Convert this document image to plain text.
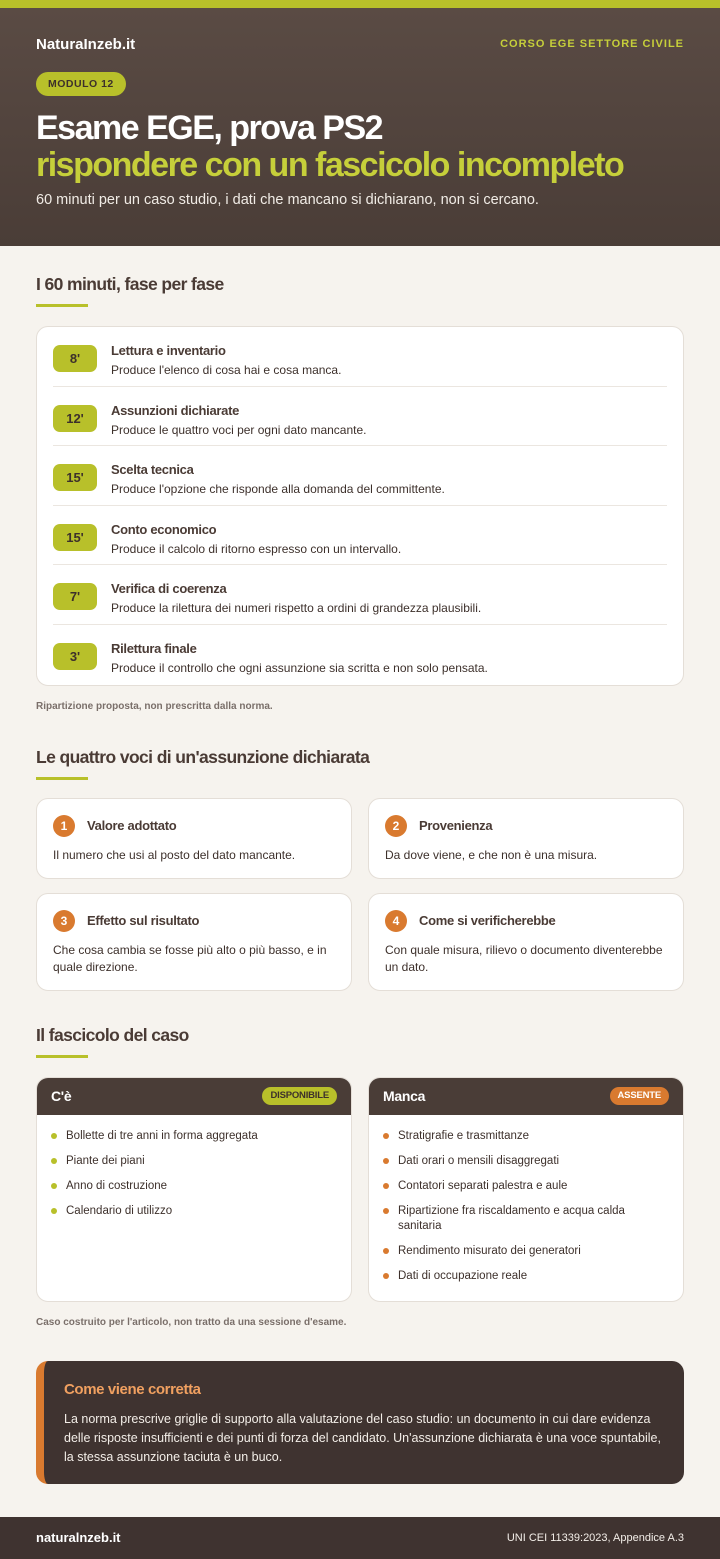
NaturaInzeb.it	CORSO EGE SETTORE CIVILE
MODULO 12
Esame EGE, prova PS2
rispondere con un fascicolo incompleto

60 minuti per un caso studio, i dati che mancano si dichiarano, non si cercano.

I 60 minuti, fase per fase
8'
Lettura e inventario
Produce l'elenco di cosa hai e cosa manca.
12'
Assunzioni dichiarate
Produce le quattro voci per ogni dato mancante.
15'
Scelta tecnica
Produce l'opzione che risponde alla domanda del committente.
15'
Conto economico
Produce il calcolo di ritorno espresso con un intervallo.
7'
Verifica di coerenza
Produce la rilettura dei numeri rispetto a ordini di grandezza plausibili.
3'
Rilettura finale
Produce il controllo che ogni assunzione sia scritta e non solo pensata.

Ripartizione proposta, non prescritta dalla norma.

Le quattro voci di un'assunzione dichiarata
1	Valore adottato

Il numero che usi al posto del dato mancante.

2	Provenienza

Da dove viene, e che non è una misura.

3	Effetto sul risultato

Che cosa cambia se fosse più alto o più basso, e in quale direzione.

4	Come si verificherebbe

Con quale misura, rilievo o documento diventerebbe un dato.

Il fascicolo del caso
C'è	DISPONIBILE
Bollette di tre anni in forma aggregata
Piante dei piani
Anno di costruzione
Calendario di utilizzo
Manca	ASSENTE
Stratigrafie e trasmittanze
Dati orari o mensili disaggregati
Contatori separati palestra e aule
Ripartizione fra riscaldamento e acqua calda sanitaria
Rendimento misurato dei generatori
Dati di occupazione reale

Caso costruito per l'articolo, non tratto da una sessione d'esame.

Come viene corretta

La norma prescrive griglie di supporto alla valutazione del caso studio: un documento in cui dare evidenza delle risposte insufficienti e dei punti di forza del candidato. Un'assunzione dichiarata è una voce spuntabile, la stessa assunzione taciuta è un buco.

naturalnzeb.it	UNI CEI 11339:2023, Appendice A.3
